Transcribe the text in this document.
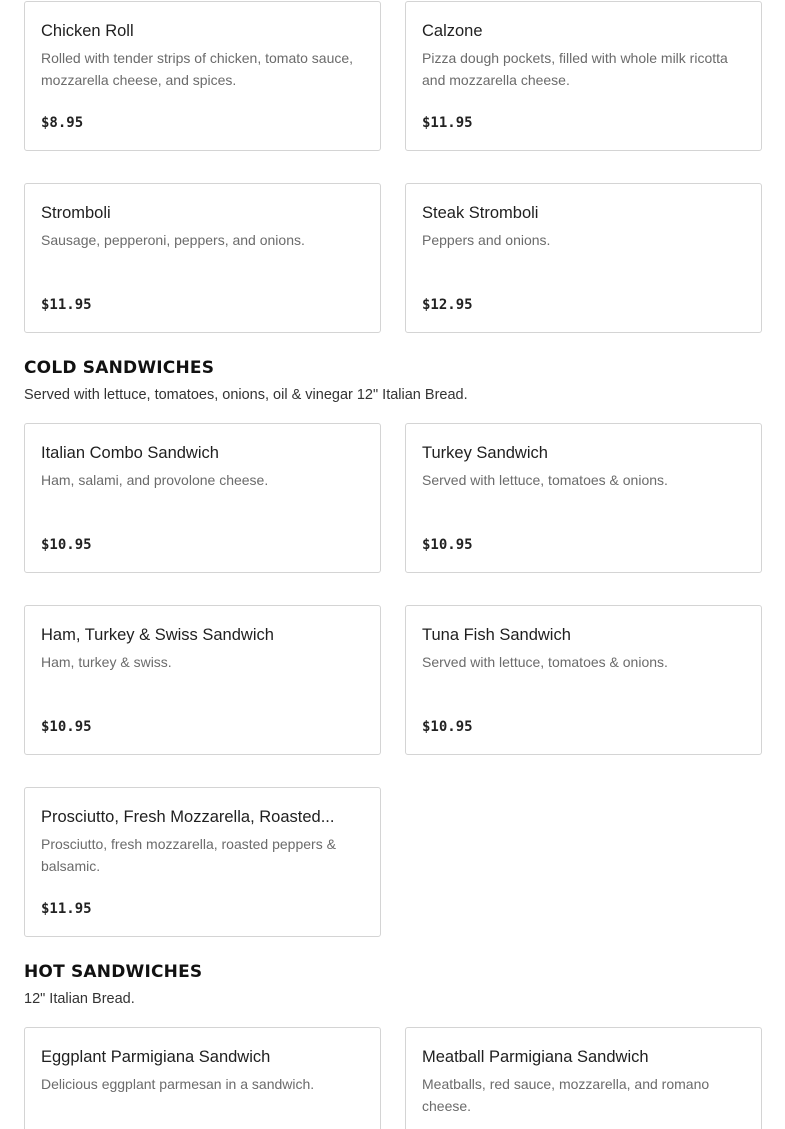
Chicken Roll
Rolled with tender strips of chicken, tomato sauce, mozzarella cheese, and spices.
$8.95
Calzone
Pizza dough pockets, filled with whole milk ricotta and mozzarella cheese.
$11.95
Stromboli
Sausage, pepperoni, peppers, and onions.
$11.95
Steak Stromboli
Peppers and onions.
$12.95
COLD SANDWICHES
Served with lettuce, tomatoes, onions, oil & vinegar 12" Italian Bread.
Italian Combo Sandwich
Ham, salami, and provolone cheese.
$10.95
Turkey Sandwich
Served with lettuce, tomatoes & onions.
$10.95
Ham, Turkey & Swiss Sandwich
Ham, turkey & swiss.
$10.95
Tuna Fish Sandwich
Served with lettuce, tomatoes & onions.
$10.95
Prosciutto, Fresh Mozzarella, Roasted...
Prosciutto, fresh mozzarella, roasted peppers & balsamic.
$11.95
HOT SANDWICHES
12" Italian Bread.
Eggplant Parmigiana Sandwich
Delicious eggplant parmesan in a sandwich.
Meatball Parmigiana Sandwich
Meatballs, red sauce, mozzarella, and romano cheese.
